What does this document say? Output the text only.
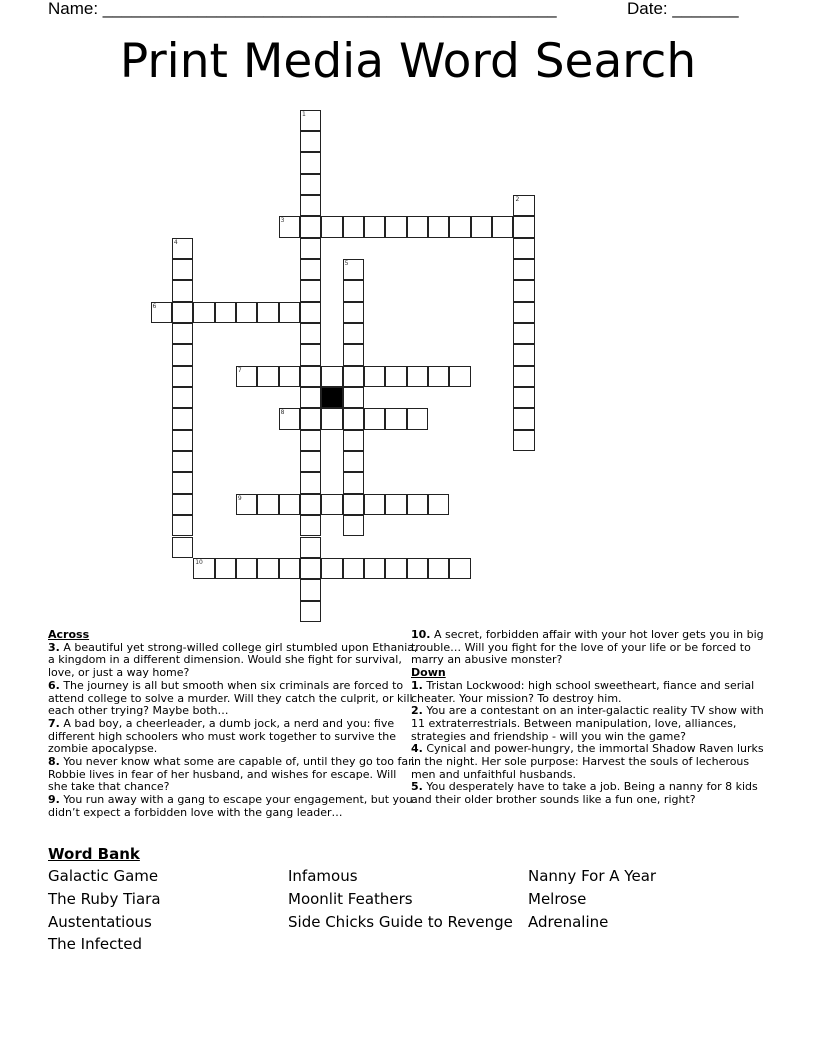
Name: ________________________________________________	Date: _______
Print Media Word Search
1
2
3
4
5
6
7
8
9
10
Across
3. A beautiful yet strong-willed college girl stumbled upon Ethania, a kingdom in a different dimension. Would she fight for survival, love, or just a way home?
6. The journey is all but smooth when six criminals are forced to attend college to solve a murder. Will they catch the culprit, or kill each other trying? Maybe both…
7. A bad boy, a cheerleader, a dumb jock, a nerd and you: five different high schoolers who must work together to survive the zombie apocalypse.
8. You never know what some are capable of, until they go too far. Robbie lives in fear of her husband, and wishes for escape. Will she take that chance?
9. You run away with a gang to escape your engagement, but you didn’t expect a forbidden love with the gang leader…
10. A secret, forbidden affair with your hot lover gets you in big trouble… Will you fight for the love of your life or be forced to marry an abusive monster?
Down
1. Tristan Lockwood: high school sweetheart, fiance and serial cheater. Your mission? To destroy him.
2. You are a contestant on an inter-galactic reality TV show with 11 extraterrestrials. Between manipulation, love, alliances, strategies and friendship - will you win the game?
4. Cynical and power-hungry, the immortal Shadow Raven lurks in the night. Her sole purpose: Harvest the souls of lecherous men and unfaithful husbands.
5. You desperately have to take a job. Being a nanny for 8 kids and their older brother sounds like a fun one, right?
Word Bank
Galactic Game
The Ruby Tiara
Austentatious
The Infected
Infamous
Moonlit Feathers
Side Chicks Guide to Revenge
Nanny For A Year
Melrose
Adrenaline
